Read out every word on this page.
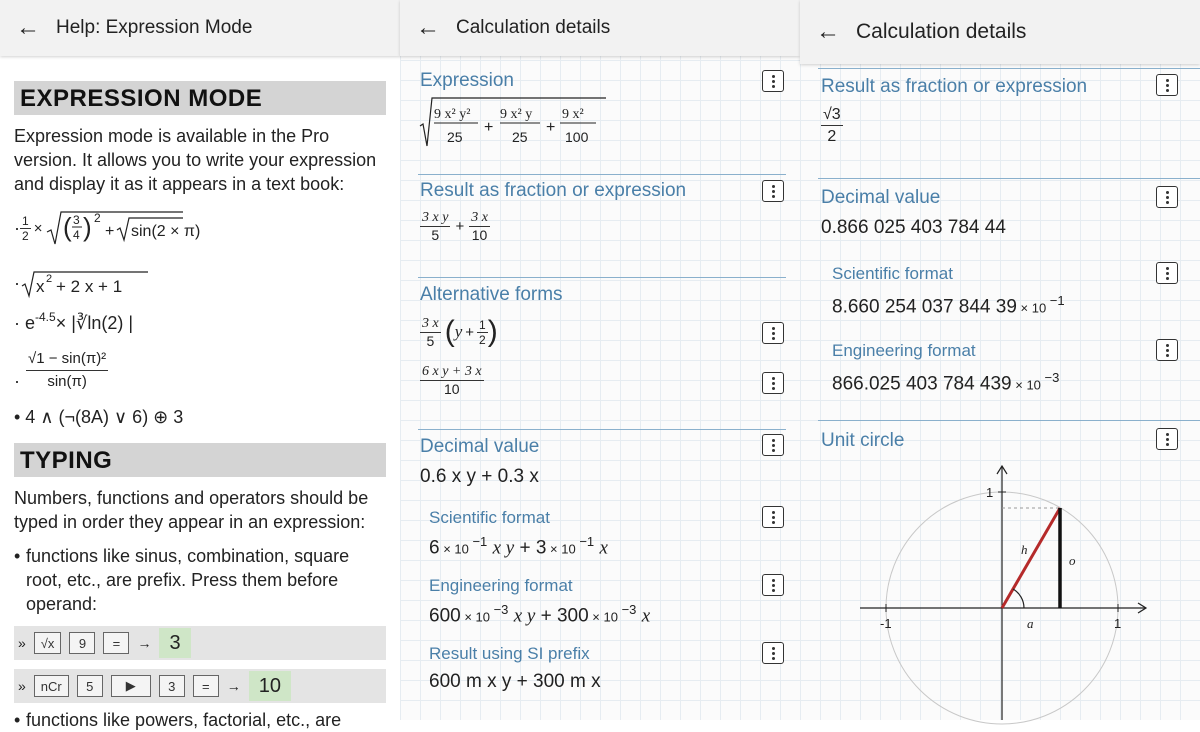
← Help: Expression Mode
EXPRESSION MODE
Expression mode is available in the Pro version. It allows you to write your expression and display it as it appears in a text book:
· $\frac{1}{2}$ × ( 3
4 ) 2
+ sin(2 × π)
· x 2 + 2 x + 1
· $e^{-4.5}$ × |∛ln(2) |
· $\frac{\text{√1 − sin(π)²}}{\sin(\pi)}$
• 4 ∧ (¬(8A) ∨ 6) ⊕ 3
TYPING
Numbers, functions and operators should be typed in order they appear in an expression:
• functions like sinus, combination, square root, etc., are prefix. Press them before operand:
»	√x	9	=	→ 3
»	nCr	5	▶	3	=	→ 10
• functions like powers, factorial, etc., are
← Calculation details
Expression
9 x² y²
25
+
9 x² y
25
+
9 x²
100
Result as fraction or expression
$\frac{\text{3 x y}}{5} + \frac{3 x}{10}$
Alternative forms
$\frac{3 x}{5}$ ( $y + \frac{1}{2}$ )
$\frac{\text{6 x y + 3 x}}{10}$
Decimal value
0.6 x y + 0.3 x
Scientific format
6 × 10 $^{-1}$ x y + 3 × 10 $^{-1}$ x
Engineering format
600 × 10 $^{-3}$ x y + 300 × 10 $^{-3}$ x
Result using SI prefix
600 m x y + 300 m x
← Calculation details
Result as fraction or expression
$\frac{√3}{2}$
Decimal value
0.866 025 403 784 44
Scientific format
8.660 254 037 844 39 × 10 $^{-1}$
Engineering format
866.025 403 784 439 × 10 $^{-3}$
Unit circle
-1	1
1
a
o
h
